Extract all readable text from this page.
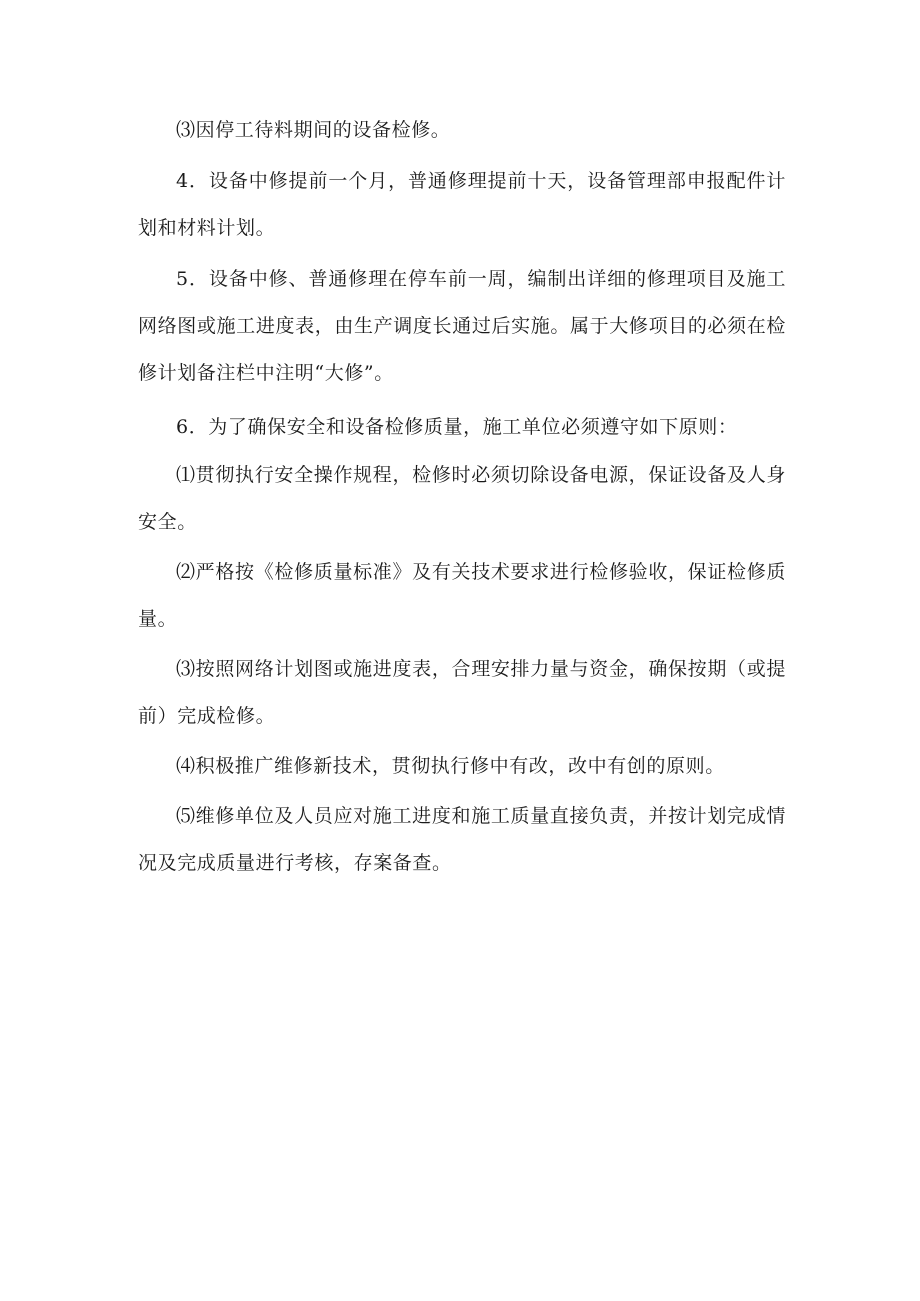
⑶因停工待料期间的设备检修。

4．设备中修提前一个月，普通修理提前十天，设备管理部申报配件计划和材料计划。

5．设备中修、普通修理在停车前一周，编制出详细的修理项目及施工网络图或施工进度表，由生产调度长通过后实施。属于大修项目的必须在检修计划备注栏中注明“大修”。

6．为了确保安全和设备检修质量，施工单位必须遵守如下原则：

⑴贯彻执行安全操作规程，检修时必须切除设备电源，保证设备及人身安全。

⑵严格按《检修质量标准》及有关技术要求进行检修验收，保证检修质量。

⑶按照网络计划图或施进度表，合理安排力量与资金，确保按期（或提前）完成检修。

⑷积极推广维修新技术，贯彻执行修中有改，改中有创的原则。

⑸维修单位及人员应对施工进度和施工质量直接负责，并按计划完成情况及完成质量进行考核，存案备查。
